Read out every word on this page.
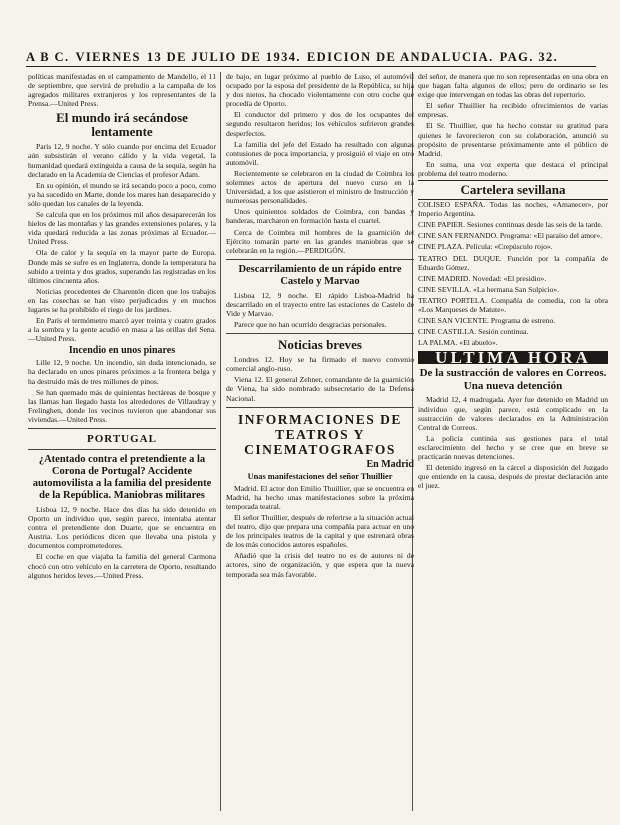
A B C. VIERNES 13 DE JULIO DE 1934. EDICION DE ANDALUCIA. PAG. 32.

políticas manifestadas en el campamento de Mandello, el 11 de septiembre, que servirá de preludio a la campaña de los agregados militares extranjeros y los representantes de la Prensa.—United Press.

El mundo irá secándose lentamente

París 12, 9 noche. Y sólo cuando por encima del Ecuador aún subsistirán el verano cálido y la vida vegetal, la humanidad quedará extinguida a causa de la sequía, según ha declarado en la Academia de Ciencias el profesor Adam.

En su opinión, el mundo se irá secando poco a poco, como ya ha sucedido en Marte, donde los mares han desaparecido y sólo quedan los canales de la leyenda.

Se calcula que en los próximos mil años desaparecerán los hielos de las montañas y las grandes extensiones polares, y la vida quedará reducida a las zonas próximas al Ecuador.—United Press.

Ola de calor y la sequía en la mayor parte de Europa. Donde más se sufre es en Inglaterra, donde la temperatura ha subido a treinta y dos grados, superando las registradas en los últimos cincuenta años.

Noticias procedentes de Charentón dicen que los trabajos en las cosechas se han visto perjudicados y en muchos lugares se ha prohibido el riego de los jardines.

En París el termómetro marcó ayer treinta y cuatro grados a la sombra y la gente acudió en masa a las orillas del Sena.—United Press.

Incendio en unos pinares

Lille 12, 9 noche. Un incendio, sin duda intencionado, se ha declarado en unos pinares próximos a la frontera belga y ha destruido más de tres millones de pinos.

Se han quemado más de quinientas hectáreas de bosque y las llamas han llegado hasta los alrededores de Villaudray y Frelinghen, donde los vecinos tuvieron que abandonar sus viviendas.—United Press.

PORTUGAL
¿Atentado contra el pretendiente a la Corona de Portugal? Accidente automovilista a la familia del presidente de la República. Maniobras militares

Lisboa 12, 9 noche. Hace dos días ha sido detenido en Oporto un individuo que, según parece, intentaba atentar contra el pretendiente don Duarte, que se encuentra en Austria. Los periódicos dicen que llevaba una pistola y documentos comprometedores.

El coche en que viajaba la familia del general Carmona chocó con otro vehículo en la carretera de Oporto, resultando algunos heridos leves.—United Press.

de bajo, en lugar próximo al pueblo de Luso, el automóvil ocupado por la esposa del presidente de la República, su hija y dos nietos, ha chocado violentamente con otro coche que procedía de Oporto.

El conductor del primero y dos de los ocupantes del segundo resultaron heridos; los vehículos sufrieron grandes desperfectos.

La familia del jefe del Estado ha resultado con algunas contusiones de poca importancia, y prosiguió el viaje en otro automóvil.

Recientemente se celebraron en la ciudad de Coimbra los solemnes actos de apertura del nuevo curso en la Universidad, a los que asistieron el ministro de Instrucción y numerosas personalidades.

Unos quinientos soldados de Coimbra, con bandas y banderas, marcharon en formación hasta el cuartel.

Cerca de Coimbra mil hombres de la guarnición del Ejército tomarán parte en las grandes maniobras que se celebrarán en la región.—PERDIGÓN.

Descarrilamiento de un rápido entre Castelo y Marvao

Lisboa 12, 9 noche. El rápido Lisboa-Madrid ha descarrilado en el trayecto entre las estaciones de Castelo de Vide y Marvao.

Parece que no han ocurrido desgracias personales.

Noticias breves

Londres 12. Hoy se ha firmado el nuevo convenio comercial anglo-ruso.

Viena 12. El general Zehner, comandante de la guarnición de Viena, ha sido nombrado subsecretario de la Defensa Nacional.

INFORMACIONES DE TEATROS Y CINEMATOGRAFOS
En Madrid
Unas manifestaciones del señor Thuillier

Madrid. El actor don Emilio Thuillier, que se encuentra en Madrid, ha hecho unas manifestaciones sobre la próxima temporada teatral.

El señor Thuillier, después de referirse a la situación actual del teatro, dijo que prepara una compañía para actuar en uno de los principales teatros de la capital y que estrenará obras de los más conocidos autores españoles.

Añadió que la crisis del teatro no es de autores ni de actores, sino de organización, y que espera que la nueva temporada sea más favorable.

del señor, de manera que no son representadas en una obra en que hagan falta algunos de ellos; pero de ordinario se les exige que intervengan en todas las obras del repertorio.

El señor Thuillier ha recibido ofrecimientos de varias empresas.

El Sr. Thuillier, que ha hecho constar su gratitud para quienes le favorecieron con su colaboración, anunció su propósito de presentarse próximamente ante el público de Madrid.

En suma, una voz experta que destaca el principal problema del teatro moderno.

Cartelera sevillana

COLISEO ESPAÑA. Todas las noches, «Amanecer», por Imperio Argentina.

CINE PAPIER. Sesiones continuas desde las seis de la tarde.

CINE SAN FERNANDO. Programa: «El paraíso del amor».

CINE PLAZA. Película: «Crepúsculo rojo».

TEATRO DEL DUQUE. Función por la compañía de Eduardo Gómez.

CINE MADRID. Novedad: «El presidio».

CINE SEVILLA. «La hermana San Sulpicio».

TEATRO PORTELA. Compañía de comedia, con la obra «Los Marqueses de Matute».

CINE SAN VICENTE. Programa de estreno.

CINE CASTILLA. Sesión continua.

LA PALMA. «El abuelo».

ULTIMA HORA
De la sustracción de valores en Correos. Una nueva detención

Madrid 12, 4 madrugada. Ayer fue detenido en Madrid un individuo que, según parece, está complicado en la sustracción de valores declarados en la Administración Central de Correos.

La policía continúa sus gestiones para el total esclarecimiento del hecho y se cree que en breve se practicarán nuevas detenciones.

El detenido ingresó en la cárcel a disposición del Juzgado que entiende en la causa, después de prestar declaración ante el juez.
